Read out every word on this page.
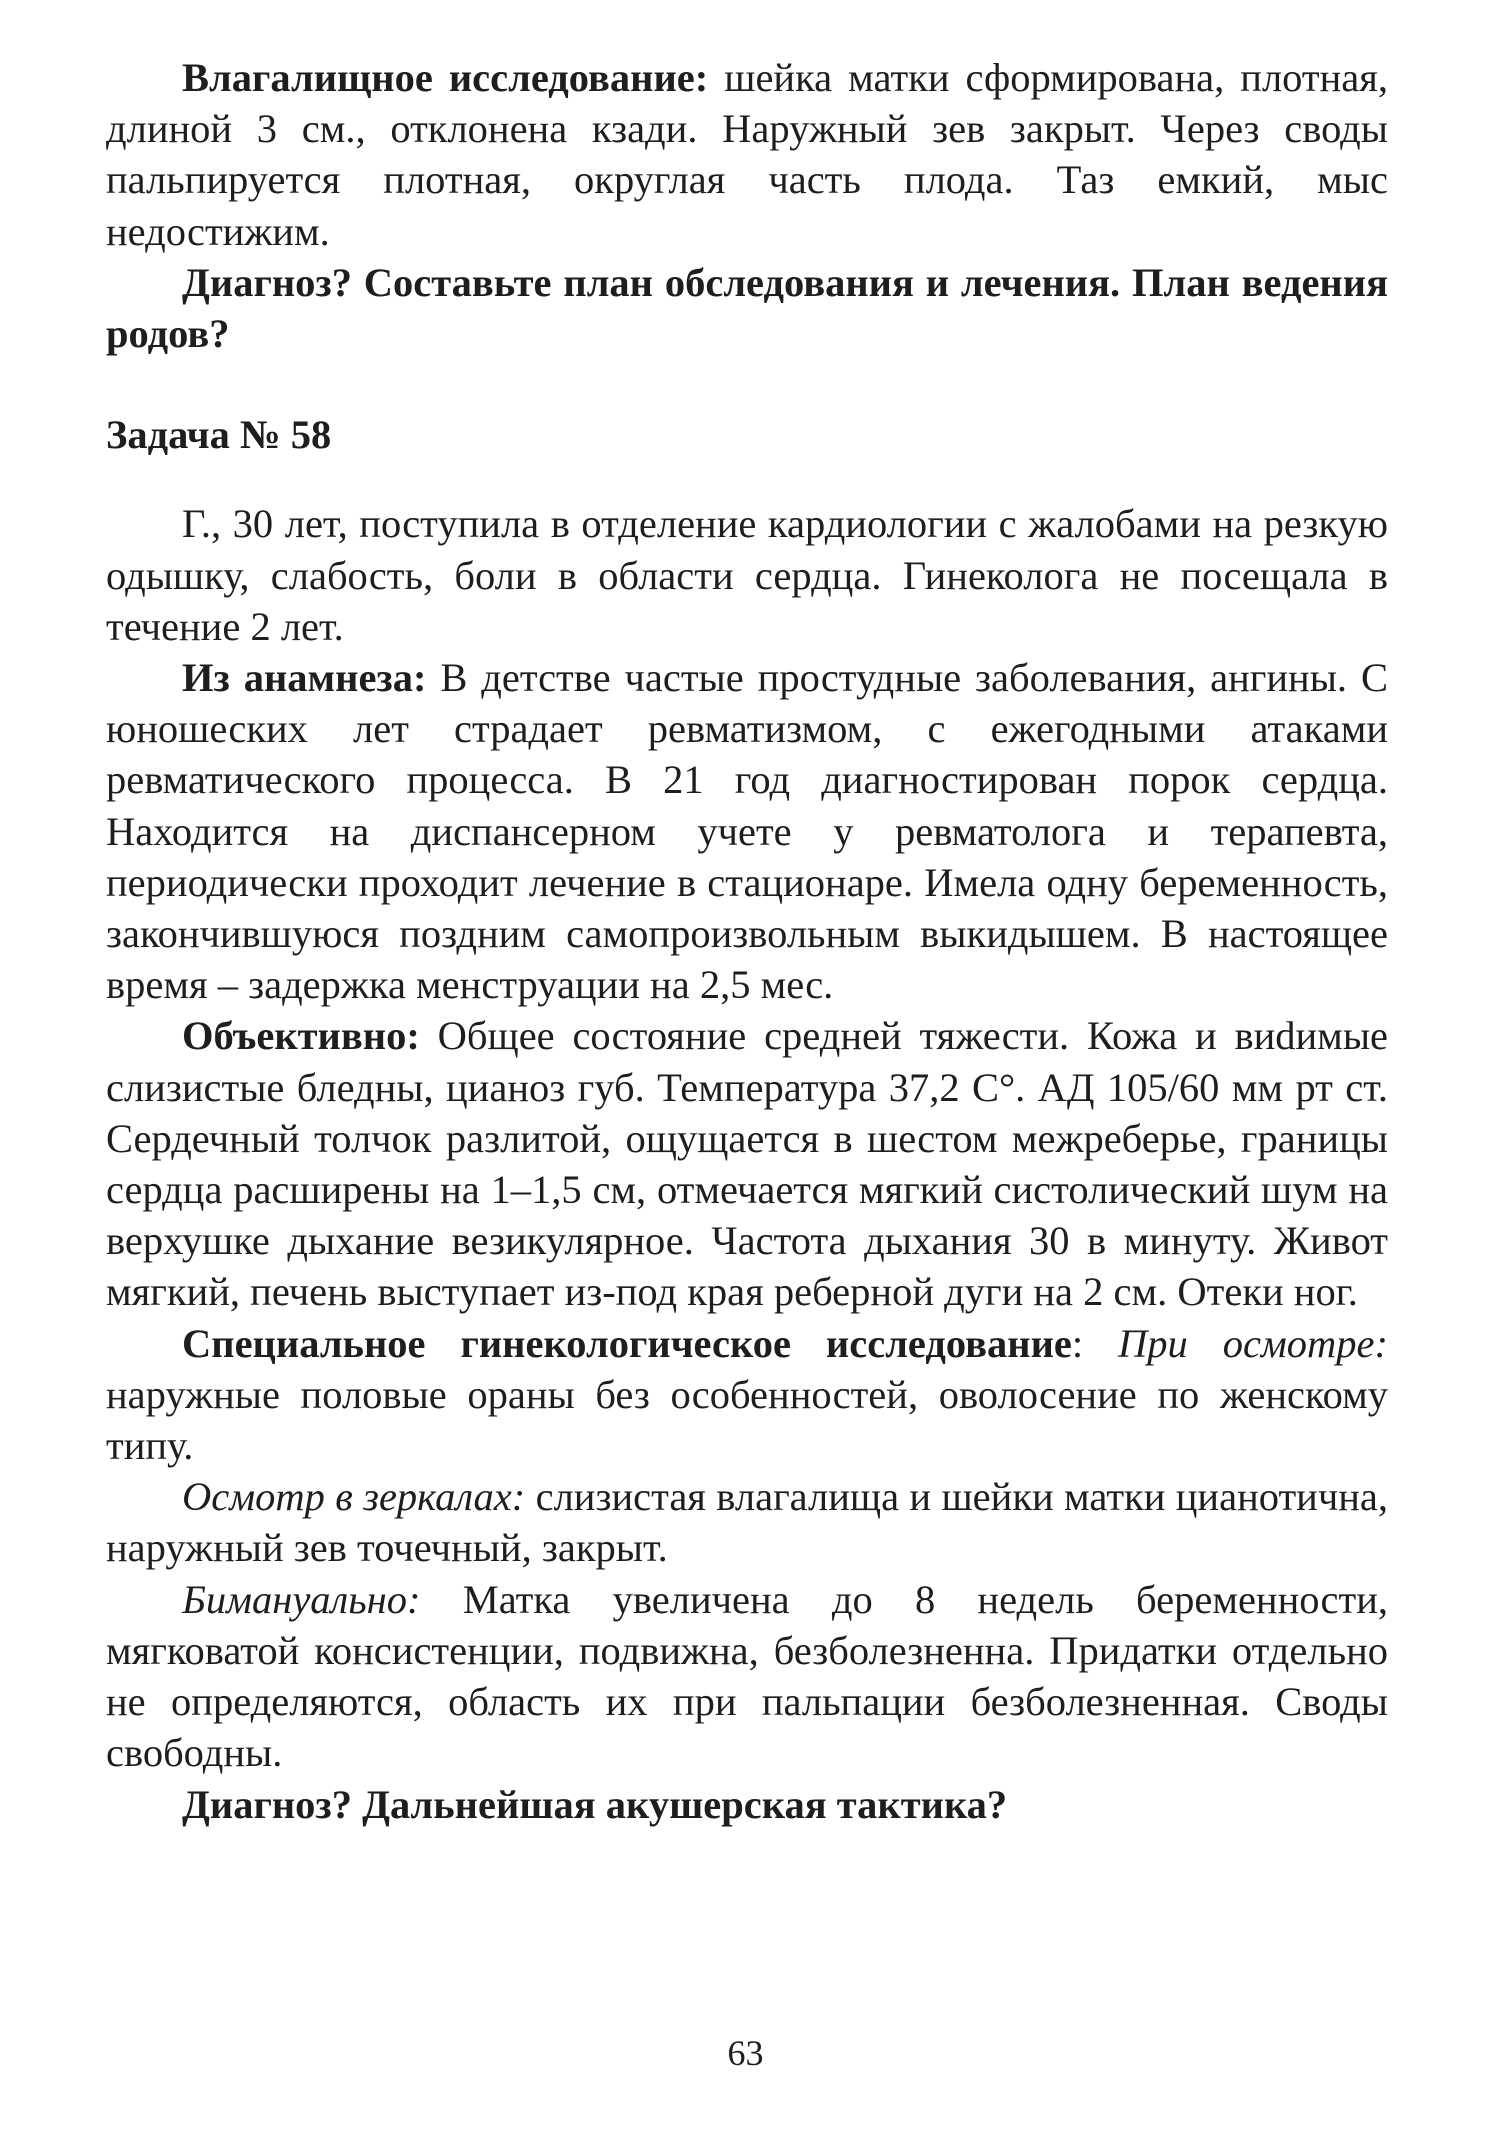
Влагалищное исследование: шейка матки сформирована, плотная, длиной 3 см., отклонена кзади. Наружный зев закрыт. Через своды пальпируется плотная, округлая часть плода. Таз емкий, мыс недостижим.

Диагноз? Составьте план обследования и лечения. План ведения родов?

Задача № 58

Г., 30 лет, поступила в отделение кардиологии с жалобами на резкую одышку, слабость, боли в области сердца. Гинеколога не посещала в течение 2 лет.

Из анамнеза: В детстве частые простудные заболевания, ангины. С юношеских лет страдает ревматизмом, с ежегодными атаками ревматического процесса. В 21 год диагностирован порок сердца. Находится на диспансерном учете у ревматолога и терапевта, периодически проходит лечение в стационаре. Имела одну беременность, закончившуюся поздним самопроизвольным выкидышем. В настоящее время – задержка менструации на 2,5 мес.

Объективно: Общее состояние средней тяжести. Кожа и виdимые слизистые бледны, цианоз губ. Температура 37,2 С°. АД 105/60 мм рт ст. Сердечный толчок разлитой, ощущается в шестом межреберье, границы сердца расширены на 1–1,5 см, отмечается мягкий систолический шум на верхушке дыхание везикулярное. Частота дыхания 30 в минуту. Живот мягкий, печень выступает из-под края реберной дуги на 2 см. Отеки ног.

Специальное гинекологическое исследование: При осмотре: наружные половые ораны без особенностей, оволосение по женскому типу.

Осмотр в зеркалах: слизистая влагалища и шейки матки цианотична, наружный зев точечный, закрыт.

Бимануально: Матка увеличена до 8 недель беременности, мягковатой консистенции, подвижна, безболезненна. Придатки отдельно не определяются, область их при пальпации безболезненная. Своды свободны.

Диагноз? Дальнейшая акушерская тактика?

63
